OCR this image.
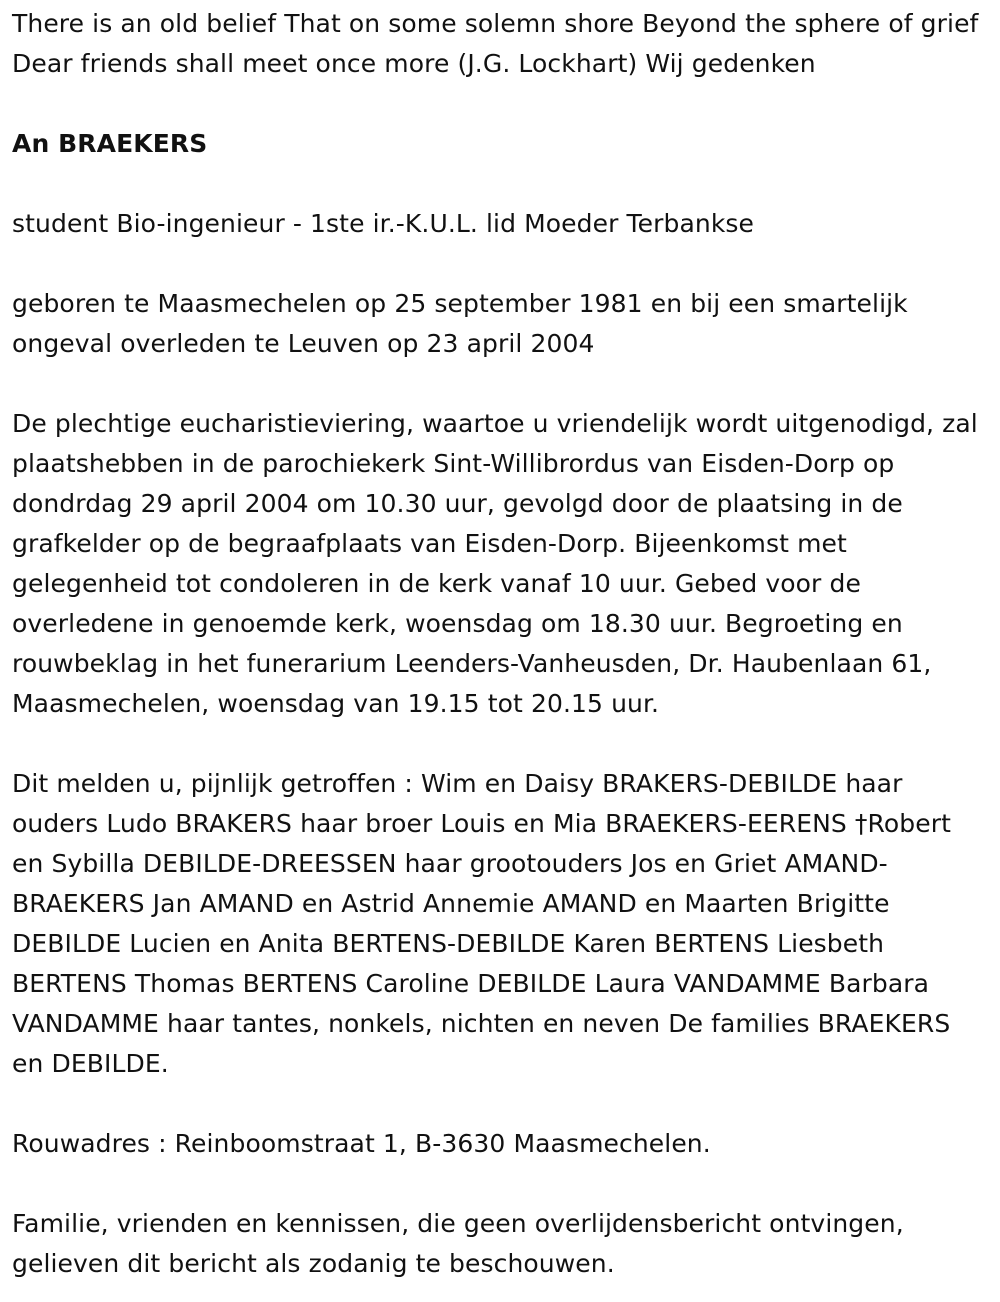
There is an old belief That on some solemn shore Beyond the sphere of grief Dear friends shall meet once more (J.G. Lockhart) Wij gedenken

An BRAEKERS

student Bio-ingenieur - 1ste ir.-K.U.L. lid Moeder Terbankse

geboren te Maasmechelen op 25 september 1981 en bij een smartelijk ongeval overleden te Leuven op 23 april 2004

De plechtige eucharistieviering, waartoe u vriendelijk wordt uitgenodigd, zal plaatshebben in de parochiekerk Sint-Willibrordus van Eisden-Dorp op dondrdag 29 april 2004 om 10.30 uur, gevolgd door de plaatsing in de grafkelder op de begraafplaats van Eisden-Dorp. Bijeenkomst met gelegenheid tot condoleren in de kerk vanaf 10 uur. Gebed voor de overledene in genoemde kerk, woensdag om 18.30 uur. Begroeting en rouwbeklag in het funerarium Leenders-Vanheusden, Dr. Haubenlaan 61, Maasmechelen, woensdag van 19.15 tot 20.15 uur.

Dit melden u, pijnlijk getroffen : Wim en Daisy BRAKERS-DEBILDE haar ouders Ludo BRAKERS haar broer Louis en Mia BRAEKERS-EERENS †Robert en Sybilla DEBILDE-DREESSEN haar grootouders Jos en Griet AMAND-BRAEKERS Jan AMAND en Astrid Annemie AMAND en Maarten Brigitte DEBILDE Lucien en Anita BERTENS-DEBILDE Karen BERTENS Liesbeth BERTENS Thomas BERTENS Caroline DEBILDE Laura VANDAMME Barbara VANDAMME haar tantes, nonkels, nichten en neven De families BRAEKERS en DEBILDE.

Rouwadres : Reinboomstraat 1, B-3630 Maasmechelen.

Familie, vrienden en kennissen, die geen overlijdensbericht ontvingen, gelieven dit bericht als zodanig te beschouwen.
